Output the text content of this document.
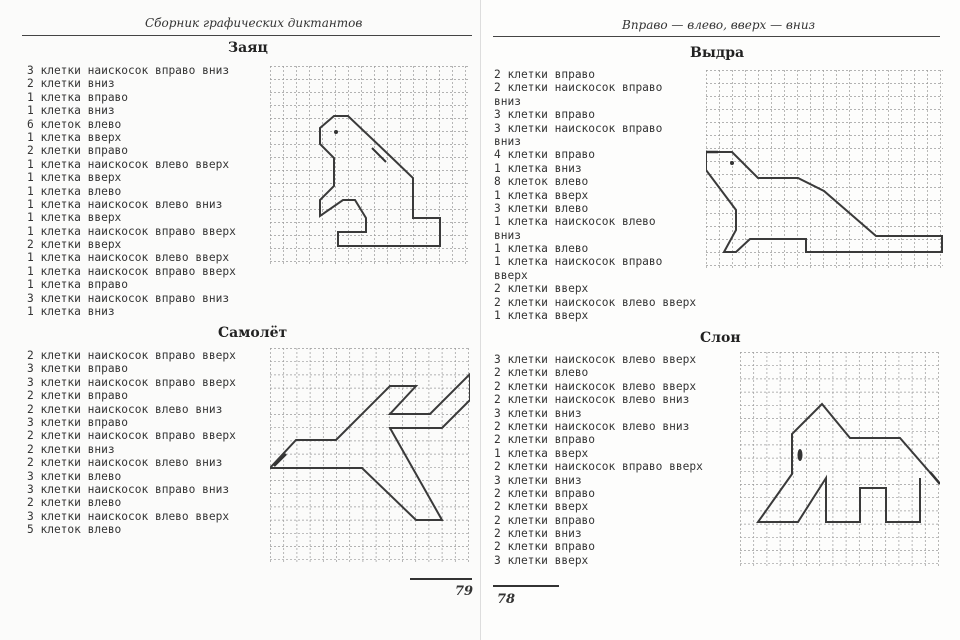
Сборник графических диктантов
Заяц
3 клетки наискосок вправо вниз
2 клетки вниз
1 клетка вправо
1 клетка вниз
6 клеток влево
1 клетка вверх
2 клетки вправо
1 клетка наискосок влево вверх
1 клетка вверх
1 клетка влево
1 клетка наискосок влево вниз
1 клетка вверх
1 клетка наискосок вправо вверх
2 клетки вверх
1 клетка наискосок влево вверх
1 клетка наискосок вправо вверх
1 клетка вправо
3 клетки наискосок вправо вниз
1 клетка вниз
Самолёт
2 клетки наискосок вправо вверх
3 клетки вправо
3 клетки наискосок вправо вверх
2 клетки вправо
2 клетки наискосок влево вниз
3 клетки вправо
2 клетки наискосок вправо вверх
2 клетки вниз
2 клетки наискосок влево вниз
3 клетки влево
3 клетки наискосок вправо вниз
2 клетки влево
3 клетки наискосок влево вверх
5 клеток влево
79
Вправо — влево, вверх — вниз
Выдра
2 клетки вправо
2 клетки наискосок вправо
вниз
3 клетки вправо
3 клетки наискосок вправо
вниз
4 клетки вправо
1 клетка вниз
8 клеток влево
1 клетка вверх
3 клетки влево
1 клетка наискосок влево
вниз
1 клетка влево
1 клетка наискосок вправо
вверх
2 клетки вверх
2 клетки наискосок влево вверх
1 клетка вверх
Слон
3 клетки наискосок влево вверх
2 клетки влево
2 клетки наискосок влево вверх
2 клетки наискосок влево вниз
3 клетки вниз
2 клетки наискосок влево вниз
2 клетки вправо
1 клетка вверх
2 клетки наискосок вправо вверх
3 клетки вниз
2 клетки вправо
2 клетки вверх
2 клетки вправо
2 клетки вниз
2 клетки вправо
3 клетки вверх
78
